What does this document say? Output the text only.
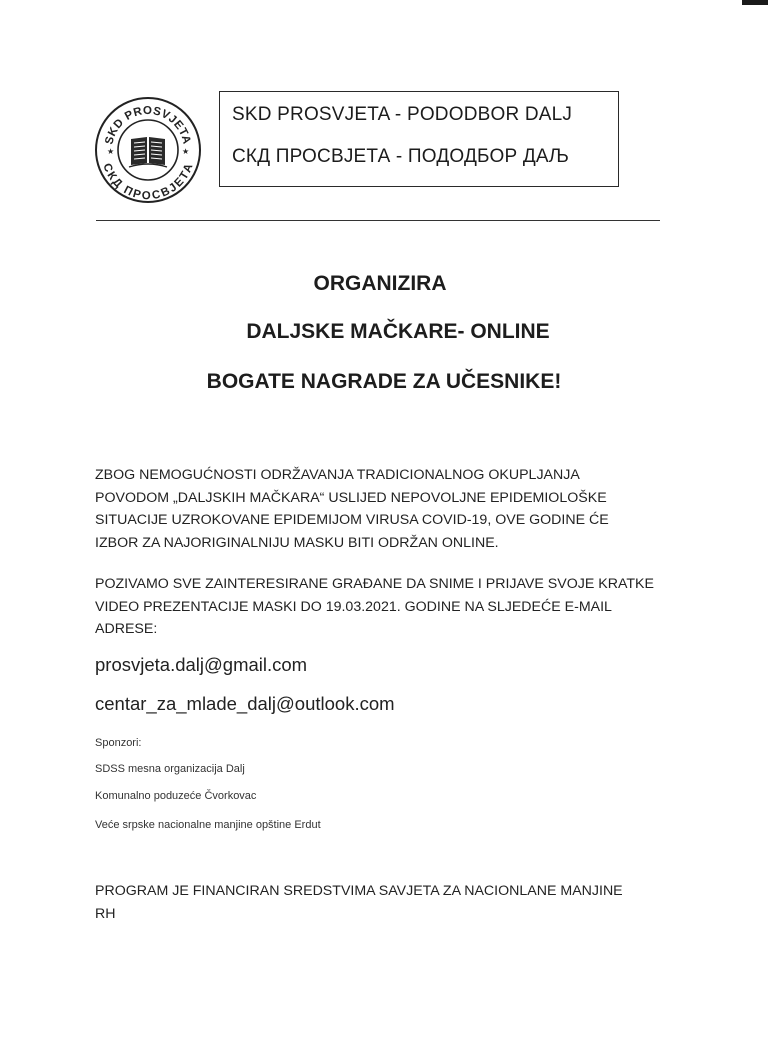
SKD PROSVJETA
СКД ПРОСВЈЕТА
★	★
SKD PROSVJETA - PODODBOR DALJ
СКД ПРОСВЈЕТА - ПОДОДБОР ДАЉ
ORGANIZIRA
DALJSKE MAČKARE- ONLINE
BOGATE NAGRADE ZA UČESNIKE!
ZBOG NEMOGUĆNOSTI ODRŽAVANJA TRADICIONALNOG OKUPLJANJA
POVODOM „DALJSKIH MAČKARA“ USLIJED NEPOVOLJNE EPIDEMIOLOŠKE
SITUACIJE UZROKOVANE EPIDEMIJOM VIRUSA COVID-19, OVE GODINE ĆE
IZBOR ZA NAJORIGINALNIJU MASKU BITI ODRŽAN ONLINE.
POZIVAMO SVE ZAINTERESIRANE GRAĐANE DA SNIME I PRIJAVE SVOJE KRATKE
VIDEO PREZENTACIJE MASKI DO 19.03.2021. GODINE NA SLJEDEĆE E-MAIL
ADRESE:
prosvjeta.dalj@gmail.com
centar_za_mlade_dalj@outlook.com
Sponzori:
SDSS mesna organizacija Dalj
Komunalno poduzeće Čvorkovac
Veće srpske nacionalne manjine opštine Erdut
PROGRAM JE FINANCIRAN SREDSTVIMA SAVJETA ZA NACIONLANE MANJINE
RH
